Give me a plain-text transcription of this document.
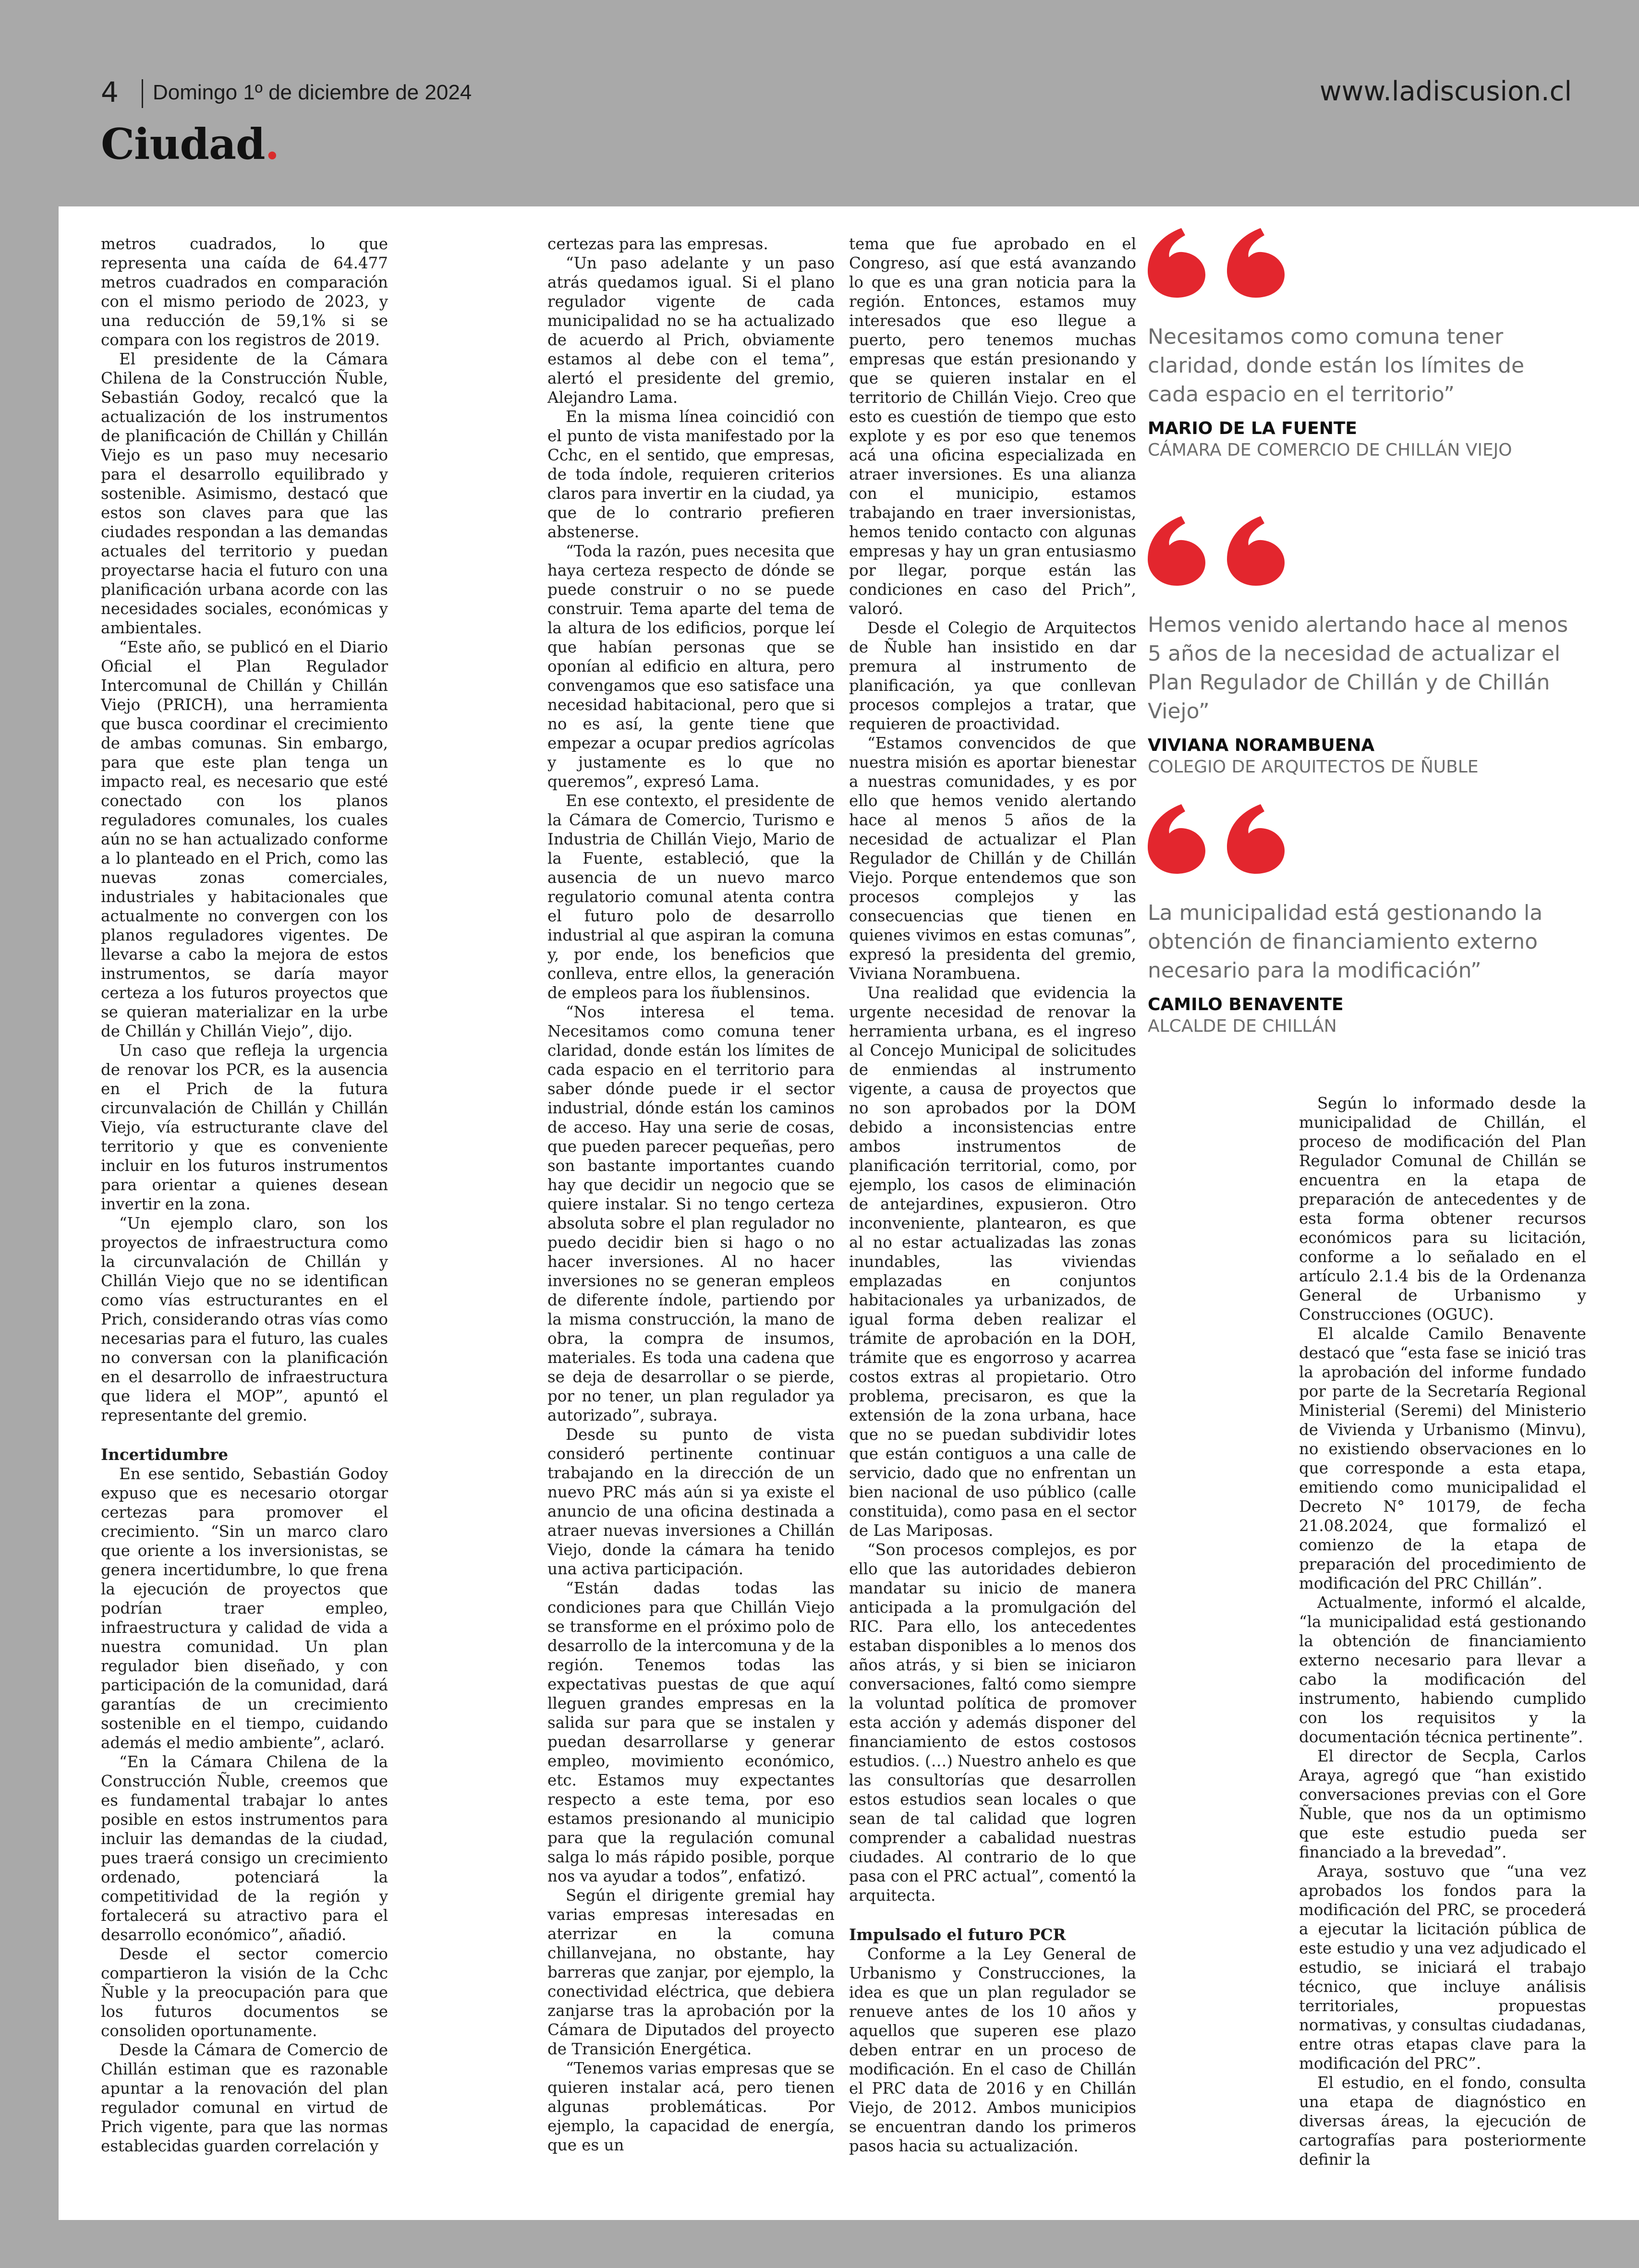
4 Domingo 1º de diciembre de 2024	www.ladiscusion.cl
Ciudad.

metros cuadrados, lo que representa una caída de 64.477 metros cuadrados en comparación con el mismo periodo de 2023, y una reducción de 59,1% si se compara con los registros de 2019.

El presidente de la Cámara Chilena de la Construcción Ñuble, Sebastián Godoy, recalcó que la actualización de los instrumentos de planificación de Chillán y Chillán Viejo es un paso muy necesario para el desarrollo equilibrado y sostenible. Asimismo, destacó que estos son claves para que las ciudades respondan a las demandas actuales del territorio y puedan proyectarse hacia el futuro con una planificación urbana acorde con las necesidades sociales, económicas y ambientales.

“Este año, se publicó en el Diario Oficial el Plan Regulador Intercomunal de Chillán y Chillán Viejo (PRICH), una herramienta que busca coordinar el crecimiento de ambas comunas. Sin embargo, para que este plan tenga un impacto real, es necesario que esté conectado con los planos reguladores comunales, los cuales aún no se han actualizado conforme a lo planteado en el Prich, como las nuevas zonas comerciales, industriales y habitacionales que actualmente no convergen con los planos reguladores vigentes. De llevarse a cabo la mejora de estos instrumentos, se daría mayor certeza a los futuros proyectos que se quieran materializar en la urbe de Chillán y Chillán Viejo”, dijo.

Un caso que refleja la urgencia de renovar los PCR, es la ausencia en el Prich de la futura circunvalación de Chillán y Chillán Viejo, vía estructurante clave del territorio y que es conveniente incluir en los futuros instrumentos para orientar a quienes desean invertir en la zona.

“Un ejemplo claro, son los proyectos de infraestructura como la circunvalación de Chillán y Chillán Viejo que no se identifican como vías estructurantes en el Prich, considerando otras vías como necesarias para el futuro, las cuales no conversan con la planificación en el desarrollo de infraestructura que lidera el MOP”, apuntó el representante del gremio.

Incertidumbre

En ese sentido, Sebastián Godoy expuso que es necesario otorgar certezas para promover el crecimiento. “Sin un marco claro que oriente a los inversionistas, se genera incertidumbre, lo que frena la ejecución de proyectos que podrían traer empleo, infraestructura y calidad de vida a nuestra comunidad. Un plan regulador bien diseñado, y con participación de la comunidad, dará garantías de un crecimiento sostenible en el tiempo, cuidando además el medio ambiente”, aclaró.

“En la Cámara Chilena de la Construcción Ñuble, creemos que es fundamental trabajar lo antes posible en estos instrumentos para incluir las demandas de la ciudad, pues traerá consigo un crecimiento ordenado, potenciará la competitividad de la región y fortalecerá su atractivo para el desarrollo económico”, añadió.

Desde el sector comercio compartieron la visión de la Cchc Ñuble y la preocupación para que los futuros documentos se consoliden oportunamente.

Desde la Cámara de Comercio de Chillán estiman que es razonable apuntar a la renovación del plan regulador comunal en virtud de Prich vigente, para que las normas establecidas guarden correlación y

certezas para las empresas.

“Un paso adelante y un paso atrás quedamos igual. Si el plano regulador vigente de cada municipalidad no se ha actualizado de acuerdo al Prich, obviamente estamos al debe con el tema”, alertó el presidente del gremio, Alejandro Lama.

En la misma línea coincidió con el punto de vista manifestado por la Cchc, en el sentido, que empresas, de toda índole, requieren criterios claros para invertir en la ciudad, ya que de lo contrario prefieren abstenerse.

“Toda la razón, pues necesita que haya certeza respecto de dónde se puede construir o no se puede construir. Tema aparte del tema de la altura de los edificios, porque leí que habían personas que se oponían al edificio en altura, pero convengamos que eso satisface una necesidad habitacional, pero que si no es así, la gente tiene que empezar a ocupar predios agrícolas y justamente es lo que no queremos”, expresó Lama.

En ese contexto, el presidente de la Cámara de Comercio, Turismo e Industria de Chillán Viejo, Mario de la Fuente, estableció, que la ausencia de un nuevo marco regulatorio comunal atenta contra el futuro polo de desarrollo industrial al que aspiran la comuna y, por ende, los beneficios que conlleva, entre ellos, la generación de empleos para los ñublensinos.

“Nos interesa el tema. Necesitamos como comuna tener claridad, donde están los límites de cada espacio en el territorio para saber dónde puede ir el sector industrial, dónde están los caminos de acceso. Hay una serie de cosas, que pueden parecer pequeñas, pero son bastante importantes cuando hay que decidir un negocio que se quiere instalar. Si no tengo certeza absoluta sobre el plan regulador no puedo decidir bien si hago o no hacer inversiones. Al no hacer inversiones no se generan empleos de diferente índole, partiendo por la misma construcción, la mano de obra, la compra de insumos, materiales. Es toda una cadena que se deja de desarrollar o se pierde, por no tener, un plan regulador ya autorizado”, subraya.

Desde su punto de vista consideró pertinente continuar trabajando en la dirección de un nuevo PRC más aún si ya existe el anuncio de una oficina destinada a atraer nuevas inversiones a Chillán Viejo, donde la cámara ha tenido una activa participación.

“Están dadas todas las condiciones para que Chillán Viejo se transforme en el próximo polo de desarrollo de la intercomuna y de la región. Tenemos todas las expectativas puestas de que aquí lleguen grandes empresas en la salida sur para que se instalen y puedan desarrollarse y generar empleo, movimiento económico, etc. Estamos muy expectantes respecto a este tema, por eso estamos presionando al municipio para que la regulación comunal salga lo más rápido posible, porque nos va ayudar a todos”, enfatizó.

Según el dirigente gremial hay varias empresas interesadas en aterrizar en la comuna chillanvejana, no obstante, hay barreras que zanjar, por ejemplo, la conectividad eléctrica, que debiera zanjarse tras la aprobación por la Cámara de Diputados del proyecto de Transición Energética.

“Tenemos varias empresas que se quieren instalar acá, pero tienen algunas problemáticas. Por ejemplo, la capacidad de energía, que es un

tema que fue aprobado en el Congreso, así que está avanzando lo que es una gran noticia para la región. Entonces, estamos muy interesados que eso llegue a puerto, pero tenemos muchas empresas que están presionando y que se quieren instalar en el territorio de Chillán Viejo. Creo que esto es cuestión de tiempo que esto explote y es por eso que tenemos acá una oficina especializada en atraer inversiones. Es una alianza con el municipio, estamos trabajando en traer inversionistas, hemos tenido contacto con algunas empresas y hay un gran entusiasmo por llegar, porque están las condiciones en caso del Prich”, valoró.

Desde el Colegio de Arquitectos de Ñuble han insistido en dar premura al instrumento de planificación, ya que conllevan procesos complejos a tratar, que requieren de proactividad.

“Estamos convencidos de que nuestra misión es aportar bienestar a nuestras comunidades, y es por ello que hemos venido alertando hace al menos 5 años de la necesidad de actualizar el Plan Regulador de Chillán y de Chillán Viejo. Porque entendemos que son procesos complejos y las consecuencias que tienen en quienes vivimos en estas comunas”, expresó la presidenta del gremio, Viviana Norambuena.

Una realidad que evidencia la urgente necesidad de renovar la herramienta urbana, es el ingreso al Concejo Municipal de solicitudes de enmiendas al instrumento vigente, a causa de proyectos que no son aprobados por la DOM debido a inconsistencias entre ambos instrumentos de planificación territorial, como, por ejemplo, los casos de eliminación de antejardines, expusieron. Otro inconveniente, plantearon, es que al no estar actualizadas las zonas inundables, las viviendas emplazadas en conjuntos habitacionales ya urbanizados, de igual forma deben realizar el trámite de aprobación en la DOH, trámite que es engorroso y acarrea costos extras al propietario. Otro problema, precisaron, es que la extensión de la zona urbana, hace que no se puedan subdividir lotes que están contiguos a una calle de servicio, dado que no enfrentan un bien nacional de uso público (calle constituida), como pasa en el sector de Las Mariposas.

“Son procesos complejos, es por ello que las autoridades debieron mandatar su inicio de manera anticipada a la promulgación del RIC. Para ello, los antecedentes estaban disponibles a lo menos dos años atrás, y si bien se iniciaron conversaciones, faltó como siempre la voluntad política de promover esta acción y además disponer del financiamiento de estos costosos estudios. (…) Nuestro anhelo es que las consultorías que desarrollen estos estudios sean locales o que sean de tal calidad que logren comprender a cabalidad nuestras ciudades. Al contrario de lo que pasa con el PRC actual”, comentó la arquitecta.

Impulsado el futuro PCR

Conforme a la Ley General de Urbanismo y Construcciones, la idea es que un plan regulador se renueve antes de los 10 años y aquellos que superen ese plazo deben entrar en un proceso de modificación. En el caso de Chillán el PRC data de 2016 y en Chillán Viejo, de 2012. Ambos municipios se encuentran dando los primeros pasos hacia su actualización.

Necesitamos como comuna tener claridad, donde están los límites de cada espacio en el territorio”

MARIO DE LA FUENTE

CÁMARA DE COMERCIO DE CHILLÁN VIEJO

Hemos venido alertando hace al menos 5 años de la necesidad de actualizar el Plan Regulador de Chillán y de Chillán Viejo”

VIVIANA NORAMBUENA

COLEGIO DE ARQUITECTOS DE ÑUBLE

La municipalidad está gestionando la obtención de financiamiento externo necesario para la modificación”

CAMILO BENAVENTE

ALCALDE DE CHILLÁN

Según lo informado desde la municipalidad de Chillán, el proceso de modificación del Plan Regulador Comunal de Chillán se encuentra en la etapa de preparación de antecedentes y de esta forma obtener recursos económicos para su licitación, conforme a lo señalado en el artículo 2.1.4 bis de la Ordenanza General de Urbanismo y Construcciones (OGUC).

El alcalde Camilo Benavente destacó que “esta fase se inició tras la aprobación del informe fundado por parte de la Secretaría Regional Ministerial (Seremi) del Ministerio de Vivienda y Urbanismo (Minvu), no existiendo observaciones en lo que corresponde a esta etapa, emitiendo como municipalidad el Decreto N° 10179, de fecha 21.08.2024, que formalizó el comienzo de la etapa de preparación del procedimiento de modificación del PRC Chillán”.

Actualmente, informó el alcalde, “la municipalidad está gestionando la obtención de financiamiento externo necesario para llevar a cabo la modificación del instrumento, habiendo cumplido con los requisitos y la documentación técnica pertinente”.

El director de Secpla, Carlos Araya, agregó que “han existido conversaciones previas con el Gore Ñuble, que nos da un optimismo que este estudio pueda ser financiado a la brevedad”.

Araya, sostuvo que “una vez aprobados los fondos para la modificación del PRC, se procederá a ejecutar la licitación pública de este estudio y una vez adjudicado el estudio, se iniciará el trabajo técnico, que incluye análisis territoriales, propuestas normativas, y consultas ciudadanas, entre otras etapas clave para la modificación del PRC”.

El estudio, en el fondo, consulta una etapa de diagnóstico en diversas áreas, la ejecución de cartografías para posteriormente definir la
